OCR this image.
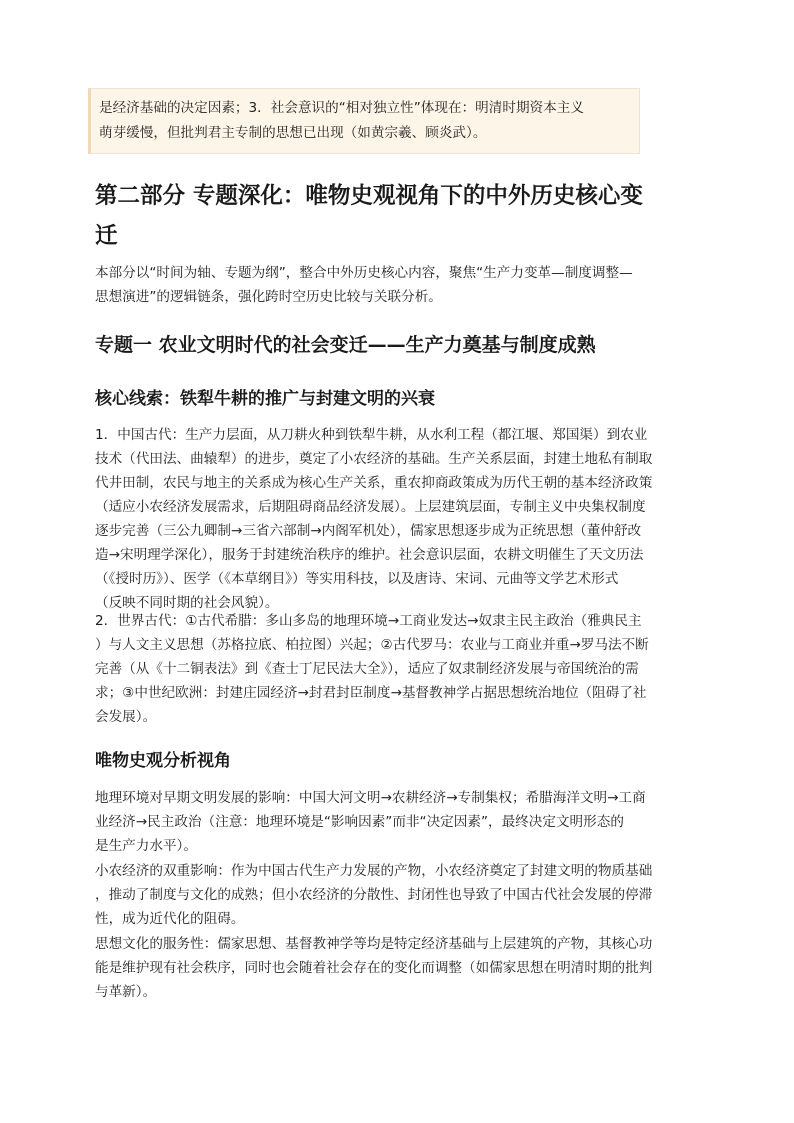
是经济基础的决定因素；3．社会意识的“相对独立性”体现在：明清时期资本主义
萌芽缓慢，但批判君主专制的思想已出现（如黄宗羲、顾炎武）。
第二部分 专题深化：唯物史观视角下的中外历史核心变
迁
本部分以“时间为轴、专题为纲”，整合中外历史核心内容，聚焦“生产力变革—制度调整—
思想演进”的逻辑链条，强化跨时空历史比较与关联分析。
专题一 农业文明时代的社会变迁——生产力奠基与制度成熟
核心线索：铁犁牛耕的推广与封建文明的兴衰
1．中国古代：生产力层面，从刀耕火种到铁犁牛耕，从水利工程（都江堰、郑国渠）到农业
技术（代田法、曲辕犁）的进步，奠定了小农经济的基础。生产关系层面，封建土地私有制取
代井田制，农民与地主的关系成为核心生产关系，重农抑商政策成为历代王朝的基本经济政策
（适应小农经济发展需求，后期阻碍商品经济发展）。上层建筑层面，专制主义中央集权制度
逐步完善（三公九卿制→三省六部制→内阁军机处），儒家思想逐步成为正统思想（董仲舒改
造→宋明理学深化），服务于封建统治秩序的维护。社会意识层面，农耕文明催生了天文历法
（《授时历》）、医学（《本草纲目》）等实用科技，以及唐诗、宋词、元曲等文学艺术形式
（反映不同时期的社会风貌）。
2．世界古代：①古代希腊：多山多岛的地理环境→工商业发达→奴隶主民主政治（雅典民主
）与人文主义思想（苏格拉底、柏拉图）兴起；②古代罗马：农业与工商业并重→罗马法不断
完善（从《十二铜表法》到《查士丁尼民法大全》），适应了奴隶制经济发展与帝国统治的需
求；③中世纪欧洲：封建庄园经济→封君封臣制度→基督教神学占据思想统治地位（阻碍了社
会发展）。
唯物史观分析视角
地理环境对早期文明发展的影响：中国大河文明→农耕经济→专制集权；希腊海洋文明→工商
业经济→民主政治（注意：地理环境是“影响因素”而非“决定因素”，最终决定文明形态的
是生产力水平）。
小农经济的双重影响：作为中国古代生产力发展的产物，小农经济奠定了封建文明的物质基础
，推动了制度与文化的成熟；但小农经济的分散性、封闭性也导致了中国古代社会发展的停滞
性，成为近代化的阻碍。
思想文化的服务性：儒家思想、基督教神学等均是特定经济基础与上层建筑的产物，其核心功
能是维护现有社会秩序，同时也会随着社会存在的变化而调整（如儒家思想在明清时期的批判
与革新）。
